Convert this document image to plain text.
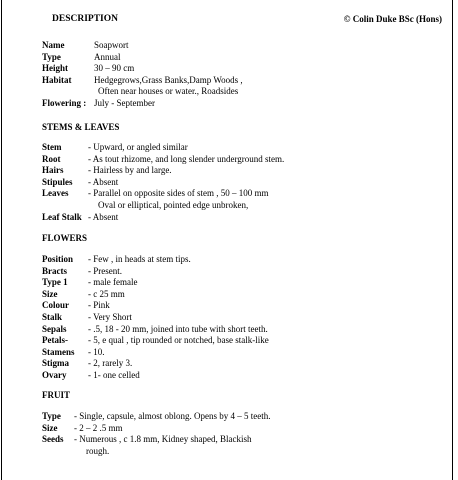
DESCRIPTION	© Colin Duke BSc (Hons)
Name	Soapwort
Type	Annual
Height	30 – 90 cm
Habitat Hedgegrows,Grass Banks,Damp Woods ,
Often near houses or water., Roadsides
Flowering : July - September
STEMS & LEAVES
Stem	- Upward, or angled similar
Root	- As tout rhizome, and long slender underground stem.
Hairs	- Hairless by and large.
Stipules - Absent
Leaves - Parallel on opposite sides of stem , 50 – 100 mm
Oval or elliptical, pointed edge unbroken,
Leaf Stalk - Absent
FLOWERS
Position - Few , in heads at stem tips.
Bracts - Present.
Type 1 - male female
Size	- c 25 mm
Colour - Pink
Stalk	- Very Short
Sepals - .5, 18 - 20 mm, joined into tube with short teeth.
Petals- - 5, e qual , tip rounded or notched, base stalk-like
Stamens - 10.
Stigma - 2, rarely 3.
Ovary - 1- one celled
FRUIT
Type - Single, capsule, almost oblong. Opens by 4 – 5 teeth.
Size - 2 – 2 .5 mm
Seeds - Numerous , c 1.8 mm, Kidney shaped, Blackish
rough.
